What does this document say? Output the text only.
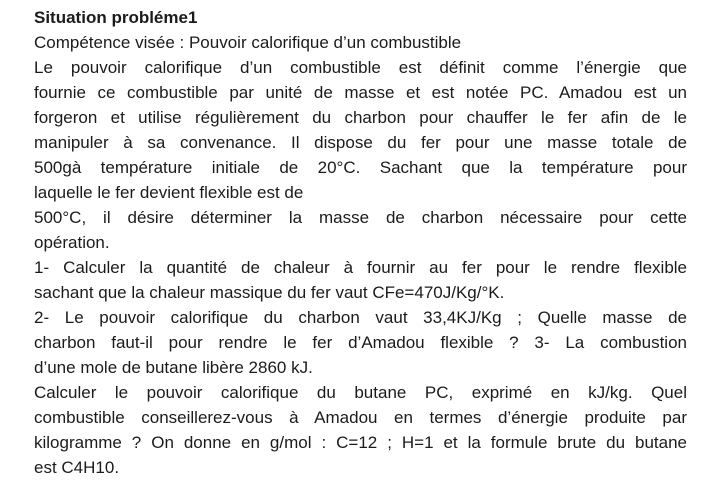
Situation probléme1
Compétence visée : Pouvoir calorifique d’un combustible
Le pouvoir calorifique d’un combustible est définit comme l’énergie que
fournie ce combustible par unité de masse et est notée PC. Amadou est un
forgeron et utilise régulièrement du charbon pour chauffer le fer afin de le
manipuler à sa convenance. Il dispose du fer pour une masse totale de
500gà température initiale de 20°C. Sachant que la température pour
laquelle le fer devient flexible est de
500°C, il désire déterminer la masse de charbon nécessaire pour cette
opération.
1- Calculer la quantité de chaleur à fournir au fer pour le rendre flexible
sachant que la chaleur massique du fer vaut CFe=470J/Kg/°K.
2- Le pouvoir calorifique du charbon vaut 33,4KJ/Kg ; Quelle masse de
charbon faut-il pour rendre le fer d’Amadou flexible ? 3- La combustion
d’une mole de butane libère 2860 kJ.
Calculer le pouvoir calorifique du butane PC, exprimé en kJ/kg. Quel
combustible conseillerez-vous à Amadou en termes d’énergie produite par
kilogramme ? On donne en g/mol : C=12 ; H=1 et la formule brute du butane
est C4H10.
